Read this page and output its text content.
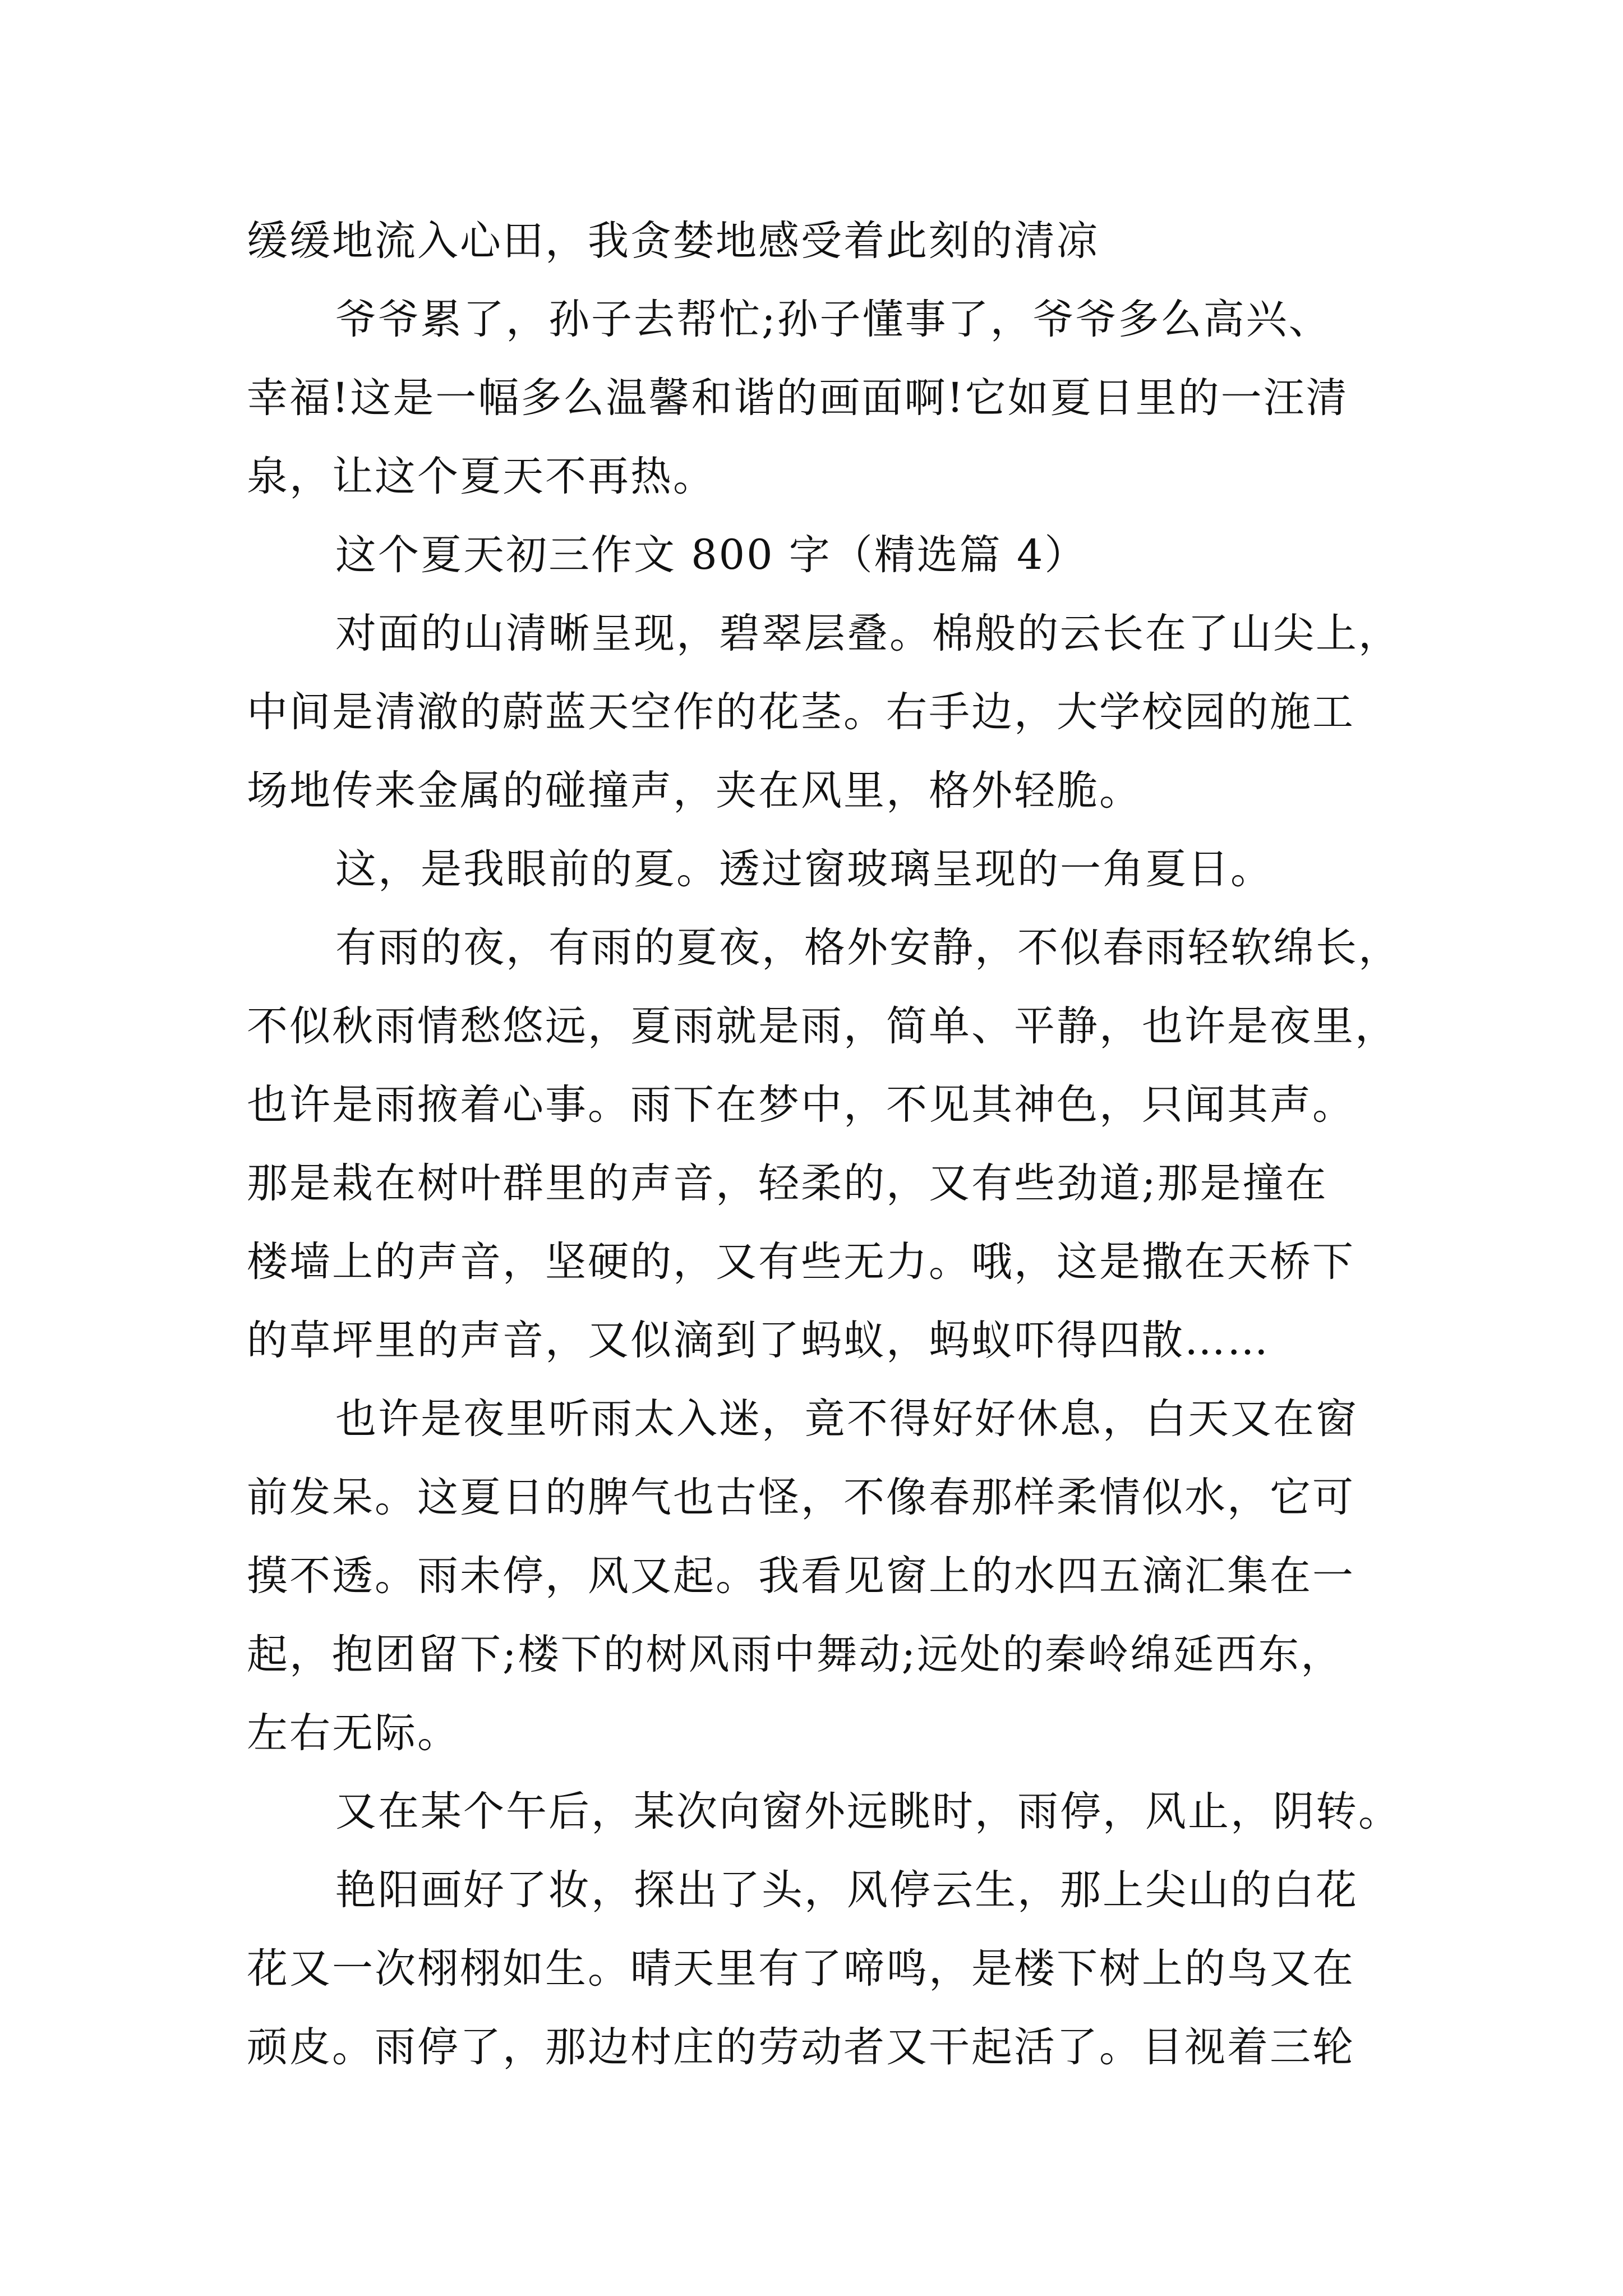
缓缓地流入心田，我贪婪地感受着此刻的清凉
爷爷累了，孙子去帮忙;孙子懂事了，爷爷多么高兴、
幸福!这是一幅多么温馨和谐的画面啊!它如夏日里的一汪清
泉，让这个夏天不再热。
这个夏天初三作文 800 字（精选篇 4）
对面的山清晰呈现，碧翠层叠。棉般的云长在了山尖上，
中间是清澈的蔚蓝天空作的花茎。右手边，大学校园的施工
场地传来金属的碰撞声，夹在风里，格外轻脆。
这，是我眼前的夏。透过窗玻璃呈现的一角夏日。
有雨的夜，有雨的夏夜，格外安静，不似春雨轻软绵长，
不似秋雨情愁悠远，夏雨就是雨，简单、平静，也许是夜里，
也许是雨掖着心事。雨下在梦中，不见其神色，只闻其声。
那是栽在树叶群里的声音，轻柔的，又有些劲道;那是撞在
楼墙上的声音，坚硬的，又有些无力。哦，这是撒在天桥下
的草坪里的声音，又似滴到了蚂蚁，蚂蚁吓得四散……
也许是夜里听雨太入迷，竟不得好好休息，白天又在窗
前发呆。这夏日的脾气也古怪，不像春那样柔情似水，它可
摸不透。雨未停，风又起。我看见窗上的水四五滴汇集在一
起，抱团留下;楼下的树风雨中舞动;远处的秦岭绵延西东，
左右无际。
又在某个午后，某次向窗外远眺时，雨停，风止，阴转。
艳阳画好了妆，探出了头，风停云生，那上尖山的白花
花又一次栩栩如生。晴天里有了啼鸣，是楼下树上的鸟又在
顽皮。雨停了，那边村庄的劳动者又干起活了。目视着三轮
